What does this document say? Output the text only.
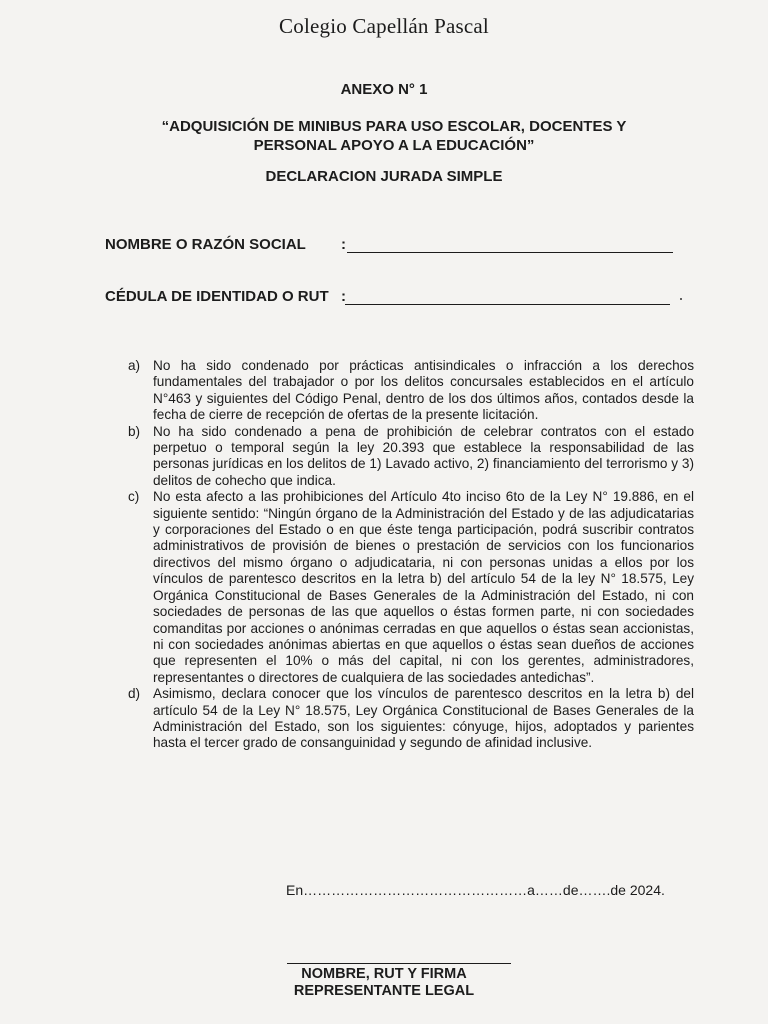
Colegio Capellán Pascal
ANEXO N° 1
“ADQUISICIÓN DE MINIBUS PARA USO ESCOLAR, DOCENTES Y PERSONAL APOYO A LA EDUCACIÓN”
DECLARACION JURADA SIMPLE
NOMBRE O RAZÓN SOCIAL :
CÉDULA DE IDENTIDAD O RUT :
a) No ha sido condenado por prácticas antisindicales o infracción a los derechos fundamentales del trabajador o por los delitos concursales establecidos en el artículo N°463 y siguientes del Código Penal, dentro de los dos últimos años, contados desde la fecha de cierre de recepción de ofertas de la presente licitación.
b) No ha sido condenado a pena de prohibición de celebrar contratos con el estado perpetuo o temporal según la ley 20.393 que establece la responsabilidad de las personas jurídicas en los delitos de 1) Lavado activo, 2) financiamiento del terrorismo y 3) delitos de cohecho que indica.
c) No esta afecto a las prohibiciones del Artículo 4to inciso 6to de la Ley N° 19.886, en el siguiente sentido: “Ningún órgano de la Administración del Estado y de las adjudicatarias y corporaciones del Estado o en que éste tenga participación, podrá suscribir contratos administrativos de provisión de bienes o prestación de servicios con los funcionarios directivos del mismo órgano o adjudicataria, ni con personas unidas a ellos por los vínculos de parentesco descritos en la letra b) del artículo 54 de la ley N° 18.575, Ley Orgánica Constitucional de Bases Generales de la Administración del Estado, ni con sociedades de personas de las que aquellos o éstas formen parte, ni con sociedades comanditas por acciones o anónimas cerradas en que aquellos o éstas sean accionistas, ni con sociedades anónimas abiertas en que aquellos o éstas sean dueños de acciones que representen el 10% o más del capital, ni con los gerentes, administradores, representantes o directores de cualquiera de las sociedades antedichas”.
d) Asimismo, declara conocer que los vínculos de parentesco descritos en la letra b) del artículo 54 de la Ley N° 18.575, Ley Orgánica Constitucional de Bases Generales de la Administración del Estado, son los siguientes: cónyuge, hijos, adoptados y parientes hasta el tercer grado de consanguinidad y segundo de afinidad inclusive.
En…………………………………………a……de…….de 2024.
NOMBRE, RUT Y FIRMA
REPRESENTANTE LEGAL
